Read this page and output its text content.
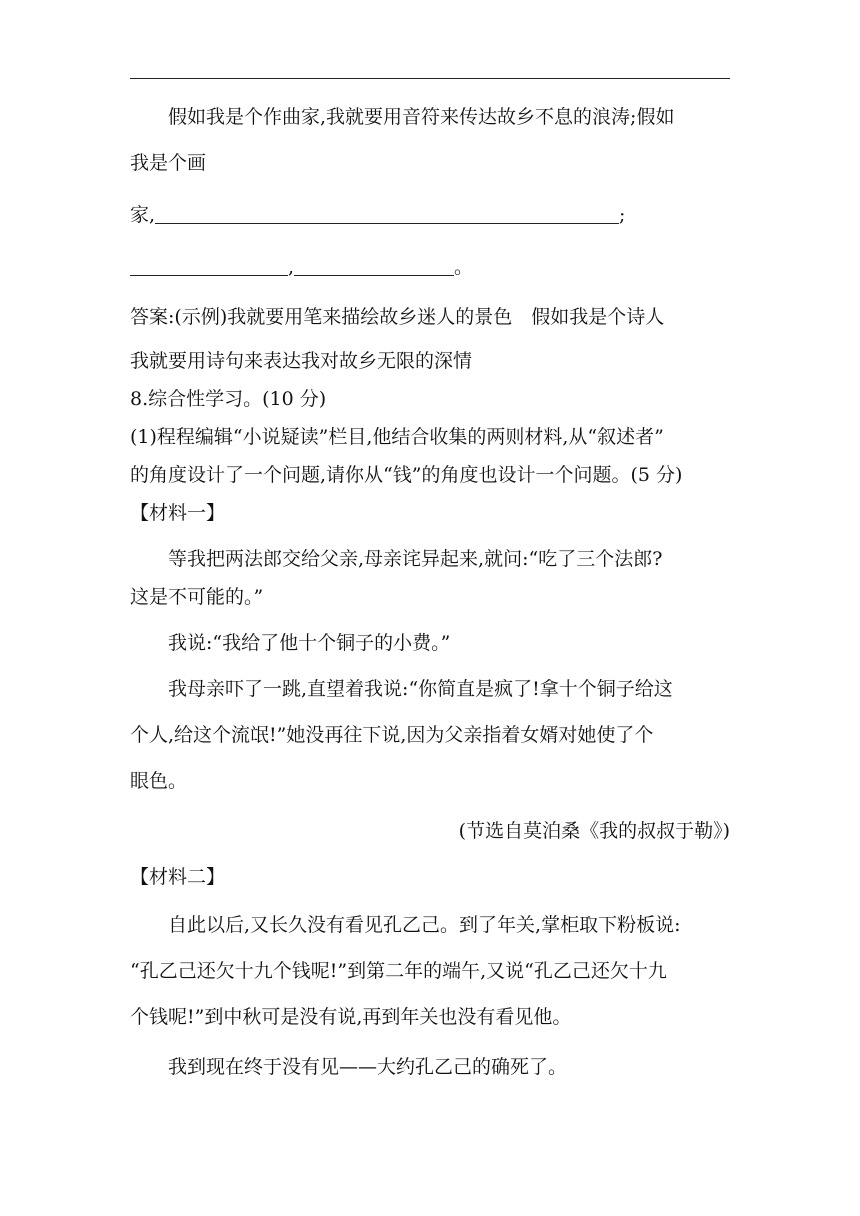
假如我是个作曲家,我就要用音符来传达故乡不息的浪涛;假如
我是个画
家,	;
,	。
答案:(示例)我就要用笔来描绘故乡迷人的景色　假如我是个诗人
我就要用诗句来表达我对故乡无限的深情
8.综合性学习。(10 分)
(1)程程编辑“小说疑读”栏目,他结合收集的两则材料,从“叙述者”
的角度设计了一个问题,请你从“钱”的角度也设计一个问题。(5 分)
【材料一】
等我把两法郎交给父亲,母亲诧异起来,就问:“吃了三个法郎?
这是不可能的。”
我说:“我给了他十个铜子的小费。”
我母亲吓了一跳,直望着我说:“你简直是疯了!拿十个铜子给这
个人,给这个流氓!”她没再往下说,因为父亲指着女婿对她使了个
眼色。
(节选自莫泊桑《我的叔叔于勒》)
【材料二】
自此以后,又长久没有看见孔乙己。到了年关,掌柜取下粉板说:
“孔乙己还欠十九个钱呢!”到第二年的端午,又说“孔乙己还欠十九
个钱呢!”到中秋可是没有说,再到年关也没有看见他。
我到现在终于没有见——大约孔乙己的确死了。
